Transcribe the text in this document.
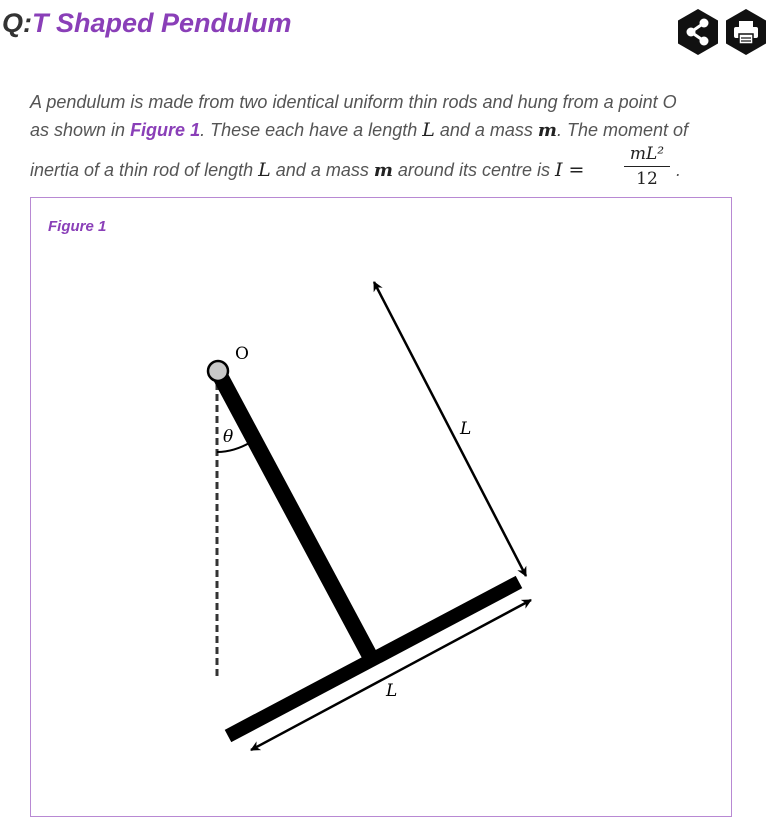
Q: T Shaped Pendulum
A pendulum is made from two identical uniform thin rods and hung from a point O
as shown in Figure 1. These each have a length L and a mass m. The moment of
inertia of a thin rod of length L and a mass m around its centre is I =
mL²
12	.
Figure 1
O
θ	L
L
